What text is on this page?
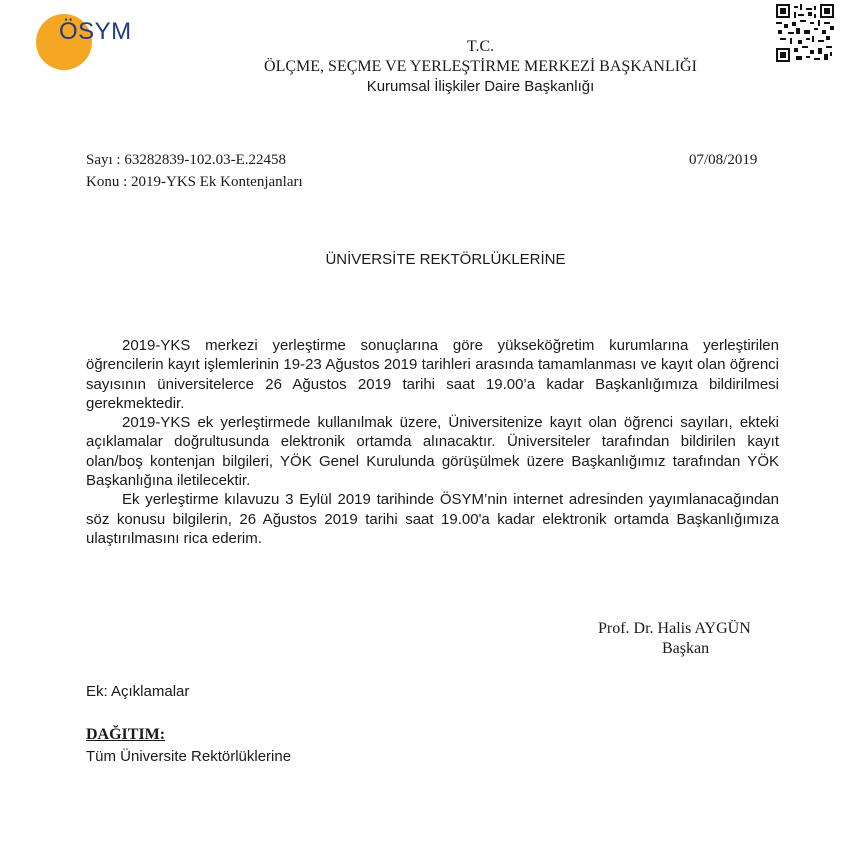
ÖSYM
T.C.
ÖLÇME, SEÇME VE YERLEŞTİRME MERKEZİ BAŞKANLIĞI
Kurumsal İlişkiler Daire Başkanlığı
Sayı : 63282839-102.03-E.22458
Konu : 2019-YKS Ek Kontenjanları
07/08/2019
ÜNİVERSİTE REKTÖRLÜKLERİNE

2019-YKS merkezi yerleştirme sonuçlarına göre yükseköğretim kurumlarına yerleştirilen öğrencilerin kayıt işlemlerinin 19-23 Ağustos 2019 tarihleri arasında tamamlanması ve kayıt olan öğrenci sayısının üniversitelerce 26 Ağustos 2019 tarihi saat 19.00’a kadar Başkanlığımıza bildirilmesi gerekmektedir.

2019-YKS ek yerleştirmede kullanılmak üzere, Üniversitenize kayıt olan öğrenci sayıları, ekteki açıklamalar doğrultusunda elektronik ortamda alınacaktır. Üniversiteler tarafından bildirilen kayıt olan/boş kontenjan bilgileri, YÖK Genel Kurulunda görüşülmek üzere Başkanlığımız tarafından YÖK Başkanlığına iletilecektir.

Ek yerleştirme kılavuzu 3 Eylül 2019 tarihinde ÖSYM’nin internet adresinden yayımlanacağından söz konusu bilgilerin, 26 Ağustos 2019 tarihi saat 19.00'a kadar elektronik ortamda Başkanlığımıza ulaştırılmasını rica ederim.

Prof. Dr. Halis AYGÜN
Başkan
Ek: Açıklamalar
DAĞITIM:
Tüm Üniversite Rektörlüklerine
